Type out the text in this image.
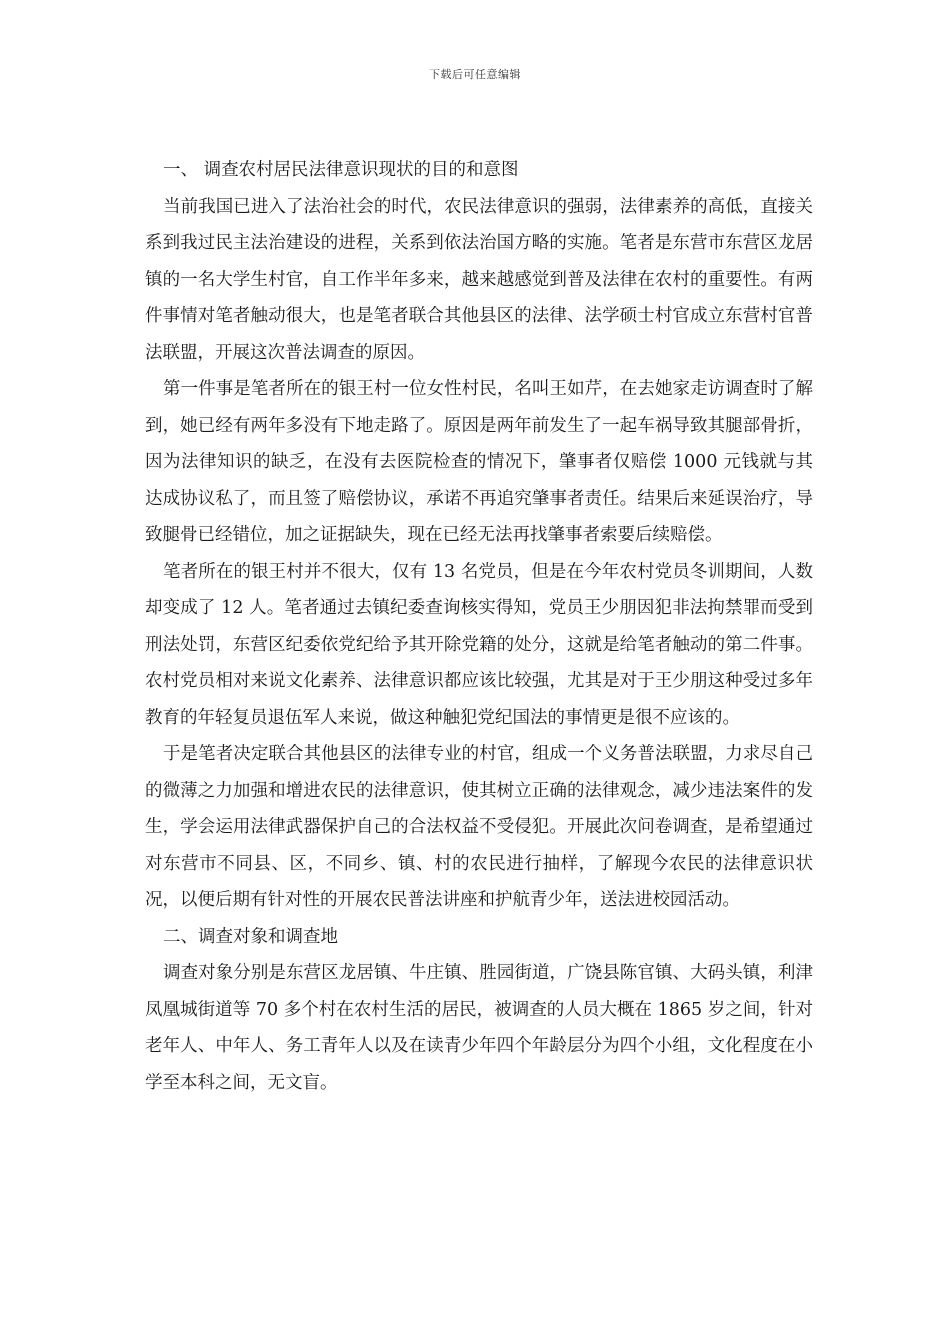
下载后可任意编辑

一、 调查农村居民法律意识现状的目的和意图

当前我国已进入了法治社会的时代，农民法律意识的强弱，法律素养的高低，直接关系到我过民主法治建设的进程，关系到依法治国方略的实施。笔者是东营市东营区龙居镇的一名大学生村官，自工作半年多来，越来越感觉到普及法律在农村的重要性。有两件事情对笔者触动很大，也是笔者联合其他县区的法律、法学硕士村官成立东营村官普法联盟，开展这次普法调查的原因。

第一件事是笔者所在的银王村一位女性村民，名叫王如芹，在去她家走访调查时了解到，她已经有两年多没有下地走路了。原因是两年前发生了一起车祸导致其腿部骨折，因为法律知识的缺乏，在没有去医院检查的情况下，肇事者仅赔偿 1000 元钱就与其达成协议私了，而且签了赔偿协议，承诺不再追究肇事者责任。结果后来延误治疗，导致腿骨已经错位，加之证据缺失，现在已经无法再找肇事者索要后续赔偿。

笔者所在的银王村并不很大，仅有 13 名党员，但是在今年农村党员冬训期间，人数却变成了 12 人。笔者通过去镇纪委查询核实得知，党员王少朋因犯非法拘禁罪而受到刑法处罚，东营区纪委依党纪给予其开除党籍的处分，这就是给笔者触动的第二件事。农村党员相对来说文化素养、法律意识都应该比较强，尤其是对于王少朋这种受过多年教育的年轻复员退伍军人来说，做这种触犯党纪国法的事情更是很不应该的。

于是笔者决定联合其他县区的法律专业的村官，组成一个义务普法联盟，力求尽自己的微薄之力加强和增进农民的法律意识，使其树立正确的法律观念，减少违法案件的发生，学会运用法律武器保护自己的合法权益不受侵犯。开展此次问卷调查，是希望通过对东营市不同县、区，不同乡、镇、村的农民进行抽样，了解现今农民的法律意识状况，以便后期有针对性的开展农民普法讲座和护航青少年，送法进校园活动。

二、调查对象和调查地

调查对象分别是东营区龙居镇、牛庄镇、胜园街道，广饶县陈官镇、大码头镇，利津凤凰城街道等 70 多个村在农村生活的居民，被调查的人员大概在 1865 岁之间，针对老年人、中年人、务工青年人以及在读青少年四个年龄层分为四个小组，文化程度在小学至本科之间，无文盲。
